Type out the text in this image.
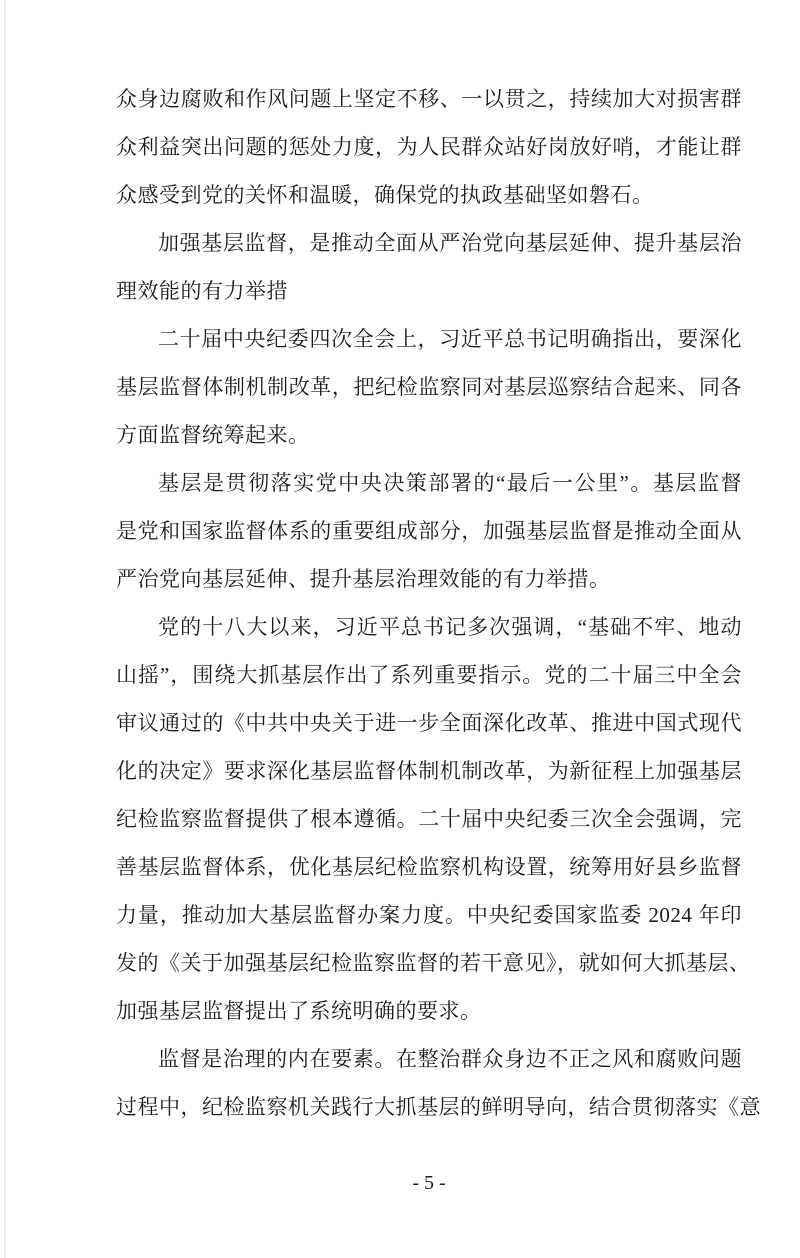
众身边腐败和作风问题上坚定不移、一以贯之，持续加大对损害群
众利益突出问题的惩处力度，为人民群众站好岗放好哨，才能让群
众感受到党的关怀和温暖，确保党的执政基础坚如磐石。
加强基层监督，是推动全面从严治党向基层延伸、提升基层治
理效能的有力举措
二十届中央纪委四次全会上，习近平总书记明确指出，要深化
基层监督体制机制改革，把纪检监察同对基层巡察结合起来、同各
方面监督统筹起来。
基层是贯彻落实党中央决策部署的“最后一公里”。基层监督
是党和国家监督体系的重要组成部分，加强基层监督是推动全面从
严治党向基层延伸、提升基层治理效能的有力举措。
党的十八大以来，习近平总书记多次强调，“基础不牢、地动
山摇”，围绕大抓基层作出了系列重要指示。党的二十届三中全会
审议通过的《中共中央关于进一步全面深化改革、推进中国式现代
化的决定》要求深化基层监督体制机制改革，为新征程上加强基层
纪检监察监督提供了根本遵循。二十届中央纪委三次全会强调，完
善基层监督体系，优化基层纪检监察机构设置，统筹用好县乡监督
力量，推动加大基层监督办案力度。中央纪委国家监委 2024 年印
发的《关于加强基层纪检监察监督的若干意见》，就如何大抓基层、
加强基层监督提出了系统明确的要求。
监督是治理的内在要素。在整治群众身边不正之风和腐败问题
过程中，纪检监察机关践行大抓基层的鲜明导向，结合贯彻落实《意
- 5 -
